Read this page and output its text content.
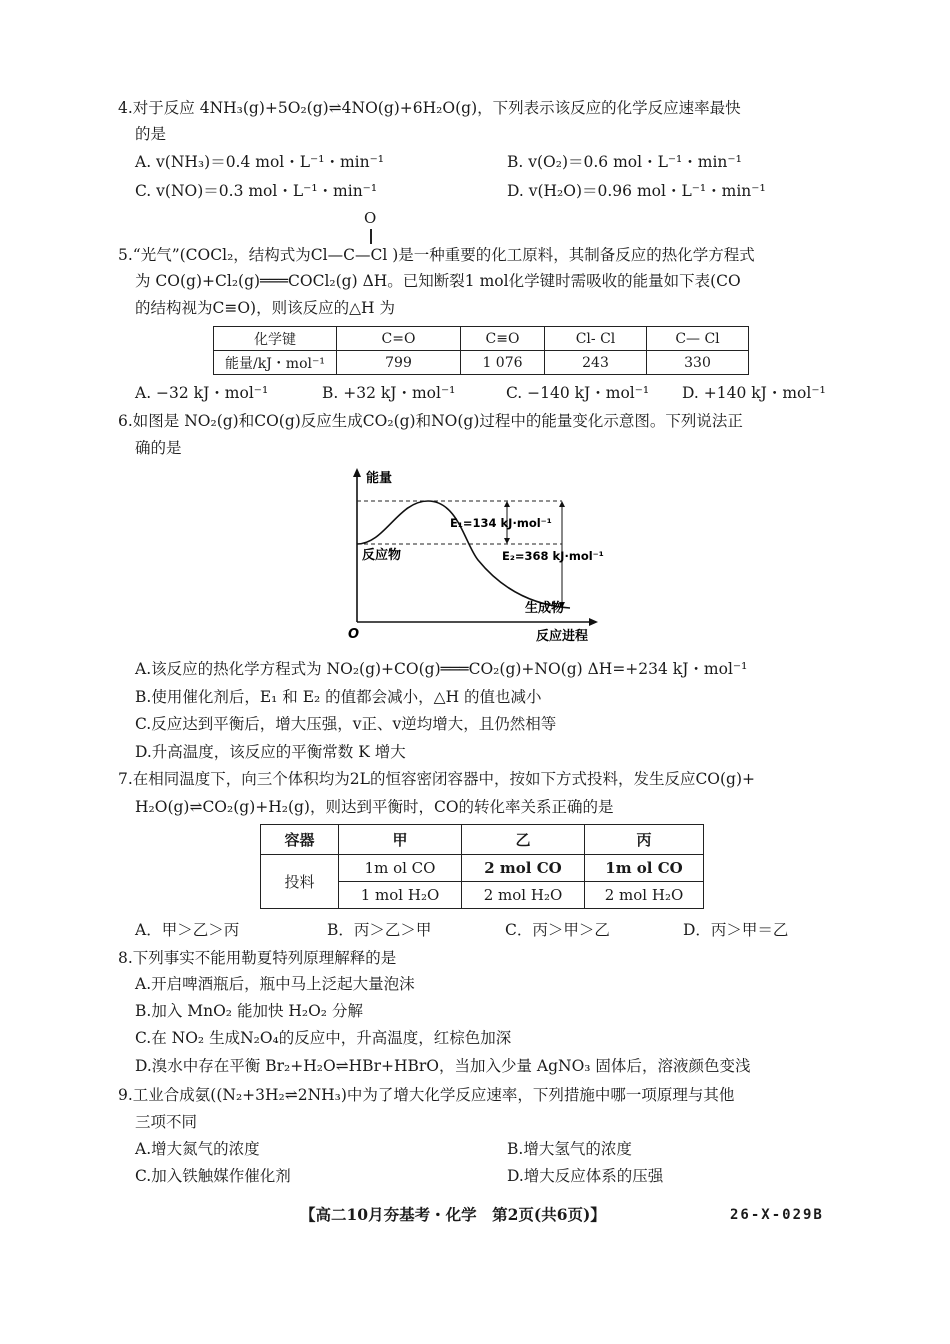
4.对于反应 4NH₃(g)+5O₂(g)⇌4NO(g)+6H₂O(g)，下列表示该反应的化学反应速率最快
的是
A. v(NH₃)＝0.4 mol・L⁻¹・min⁻¹	B. v(O₂)＝0.6 mol・L⁻¹・min⁻¹
C. v(NO)＝0.3 mol・L⁻¹・min⁻¹	D. v(H₂O)＝0.96 mol・L⁻¹・min⁻¹
O
5.“光气”(COCl₂，结构式为Cl—C—Cl )是一种重要的化工原料，其制备反应的热化学方程式
为 CO(g)+Cl₂(g)═══COCl₂(g) ΔH。已知断裂1 mol化学键时需吸收的能量如下表(CO
的结构视为C≡O)，则该反应的△H 为
化学键	C=O	C≡O	Cl- Cl	C— Cl
能量/kJ・mol⁻¹	799	1 076	243	330
A. −32 kJ・mol⁻¹	B. +32 kJ・mol⁻¹	C. −140 kJ・mol⁻¹ D. +140 kJ・mol⁻¹
6.如图是 NO₂(g)和CO(g)反应生成CO₂(g)和NO(g)过程中的能量变化示意图。下列说法正
确的是
能量
O	反应进程
反应物
生成物
E₁=134 kJ·mol⁻¹
E₂=368 kJ·mol⁻¹
A.该反应的热化学方程式为 NO₂(g)+CO(g)═══CO₂(g)+NO(g) ΔH=+234 kJ・mol⁻¹
B.使用催化剂后，E₁ 和 E₂ 的值都会减小，△H 的值也减小
C.反应达到平衡后，增大压强，v正、v逆均增大，且仍然相等
D.升高温度，该反应的平衡常数 K 增大
7.在相同温度下，向三个体积均为2L的恒容密闭容器中，按如下方式投料，发生反应CO(g)+
H₂O(g)⇌CO₂(g)+H₂(g)，则达到平衡时，CO的转化率关系正确的是
容器	甲	乙	丙
投料	1m ol CO	2 mol CO	1m ol CO
	1 mol H₂O	2 mol H₂O	2 mol H₂O
A．甲＞乙＞丙	B．丙＞乙＞甲	C．丙＞甲＞乙	D．丙＞甲＝乙
8.下列事实不能用勒夏特列原理解释的是
A.开启啤酒瓶后，瓶中马上泛起大量泡沫
B.加入 MnO₂ 能加快 H₂O₂ 分解
C.在 NO₂ 生成N₂O₄的反应中，升高温度，红棕色加深
D.溴水中存在平衡 Br₂+H₂O⇌HBr+HBrO，当加入少量 AgNO₃ 固体后，溶液颜色变浅
9.工业合成氨((N₂+3H₂⇌2NH₃)中为了增大化学反应速率，下列措施中哪一项原理与其他
三项不同
A.增大氮气的浓度	B.增大氢气的浓度
C.加入铁触媒作催化剂	D.增大反应体系的压强
【高二10月夯基考・化学　第2页(共6页)】	26-X-029B
